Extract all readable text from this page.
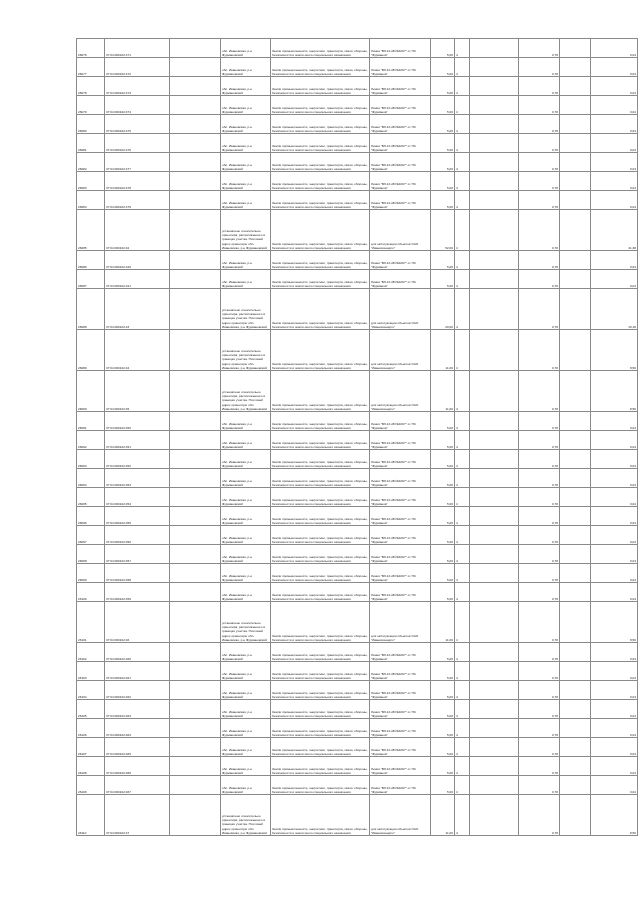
26076	37:04:000102:471		обл. Ивановская, р-н Фурмановский	Земли промышленности, энергетики, транспорта, связи, обороны, безопасности и земли иного специального назначения	Линия "ВЛ-10 кВ №1007" от ПС "Фурманов"	5,00	4		0,78		0,04
26077	37:04:000102:472		обл. Ивановская, р-н Фурмановский	Земли промышленности, энергетики, транспорта, связи, обороны, безопасности и земли иного специального назначения	Линия "ВЛ-10 кВ №1007" от ПС "Фурманов"	5,00	4		0,78		0,04
26078	37:04:000102:473		обл. Ивановская, р-н Фурмановский	Земли промышленности, энергетики, транспорта, связи, обороны, безопасности и земли иного специального назначения	Линия "ВЛ-10 кВ №1007" от ПС "Фурманов"	5,00	4		0,78		0,04
26079	37:04:000102:474		обл. Ивановская, р-н Фурмановский	Земли промышленности, энергетики, транспорта, связи, обороны, безопасности и земли иного специального назначения	Линия "ВЛ-10 кВ №1007" от ПС "Фурманов"	5,00	4		0,78		0,04
26080	37:04:000102:475		обл. Ивановская, р-н Фурмановский	Земли промышленности, энергетики, транспорта, связи, обороны, безопасности и земли иного специального назначения	Линия "ВЛ-10 кВ №1007" от ПС "Фурманов"	5,00	4		0,78		0,04
26081	37:04:000102:476		обл. Ивановская, р-н Фурмановский	Земли промышленности, энергетики, транспорта, связи, обороны, безопасности и земли иного специального назначения	Линия "ВЛ-10 кВ №1007" от ПС "Фурманов"	5,00	4		0,78		0,04
26082	37:04:000102:477		обл. Ивановская, р-н Фурмановский	Земли промышленности, энергетики, транспорта, связи, обороны, безопасности и земли иного специального назначения	Линия "ВЛ-10 кВ №1007" от ПС "Фурманов"	5,00	4		0,78		0,04
26083	37:04:000102:478		обл. Ивановская, р-н Фурмановский	Земли промышленности, энергетики, транспорта, связи, обороны, безопасности и земли иного специального назначения	Линия "ВЛ-10 кВ №1007" от ПС "Фурманов"	5,00	4		0,78		0,04
26084	37:04:000102:479		обл. Ивановская, р-н Фурмановский	Земли промышленности, энергетики, транспорта, связи, обороны, безопасности и земли иного специального назначения	Линия "ВЛ-10 кВ №1007" от ПС "Фурманов"	5,00	4		0,78		0,04
26085	37:04:000102:42		установлено относительно ориентира, расположенного в границах участка. Почтовый адрес ориентира: обл. Ивановская, р-н Фурмановский	Земли промышленности, энергетики, транспорта, связи, обороны, безопасности и земли иного специального назначения	для эксплуатации объектов ОАО "Ивановоэнерго"	52,00	4		0,78		41,38
26086	37:04:000102:420		обл. Ивановская, р-н Фурмановский	Земли промышленности, энергетики, транспорта, связи, обороны, безопасности и земли иного специального назначения	Линия "ВЛ-10 кВ №1007" от ПС "Фурманов"	5,00	4		0,78		0,04
26087	37:04:000102:421		обл. Ивановская, р-н Фурмановский	Земли промышленности, энергетики, транспорта, связи, обороны, безопасности и земли иного специального назначения	Линия "ВЛ-10 кВ №1007" от ПС "Фурманов"	5,00	4		0,78		0,04
26088	37:04:000102:43		установлено относительно ориентира, расположенного в границах участка. Почтовый адрес ориентира: обл. Ивановская, р-н Фурмановский	Земли промышленности, энергетики, транспорта, связи, обороны, безопасности и земли иного специального назначения	для эксплуатации объектов ОАО "Ивановоэнерго"	20,00	4		0,78		15,18
26089	37:04:000102:44		установлено относительно ориентира, расположенного в границах участка. Почтовый адрес ориентира: обл. Ивановская, р-н Фурмановский	Земли промышленности, энергетики, транспорта, связи, обороны, безопасности и земли иного специального назначения	для эксплуатации объектов ОАО "Ивановоэнерго"	11,00	4		0,78		8,56
26090	37:04:000102:45		установлено относительно ориентира, расположенного в границах участка. Почтовый адрес ориентира: обл. Ивановская, р-н Фурмановский	Земли промышленности, энергетики, транспорта, связи, обороны, безопасности и земли иного специального назначения	для эксплуатации объектов ОАО "Ивановоэнерго"	11,00	4		0,78		8,56
26091	37:04:000102:450		обл. Ивановская, р-н Фурмановский	Земли промышленности, энергетики, транспорта, связи, обороны, безопасности и земли иного специального назначения	Линия "ВЛ-10 кВ №1007" от ПС "Фурманов"	5,00	4		0,78		0,04
26092	37:04:000102:451		обл. Ивановская, р-н Фурмановский	Земли промышленности, энергетики, транспорта, связи, обороны, безопасности и земли иного специального назначения	Линия "ВЛ-10 кВ №1007" от ПС "Фурманов"	5,00	4		0,78		0,04
26093	37:04:000102:452		обл. Ивановская, р-н Фурмановский	Земли промышленности, энергетики, транспорта, связи, обороны, безопасности и земли иного специального назначения	Линия "ВЛ-10 кВ №1007" от ПС "Фурманов"	5,00	4		0,78		0,04
26094	37:04:000102:453		обл. Ивановская, р-н Фурмановский	Земли промышленности, энергетики, транспорта, связи, обороны, безопасности и земли иного специального назначения	Линия "ВЛ-10 кВ №1007" от ПС "Фурманов"	5,00	4		0,78		0,04
26095	37:04:000102:454		обл. Ивановская, р-н Фурмановский	Земли промышленности, энергетики, транспорта, связи, обороны, безопасности и земли иного специального назначения	Линия "ВЛ-10 кВ №1007" от ПС "Фурманов"	5,00	4		0,78		0,04
26096	37:04:000102:455		обл. Ивановская, р-н Фурмановский	Земли промышленности, энергетики, транспорта, связи, обороны, безопасности и земли иного специального назначения	Линия "ВЛ-10 кВ №1007" от ПС "Фурманов"	5,00	4		0,78		0,04
26097	37:04:000102:456		обл. Ивановская, р-н Фурмановский	Земли промышленности, энергетики, транспорта, связи, обороны, безопасности и земли иного специального назначения	Линия "ВЛ-10 кВ №1007" от ПС "Фурманов"	5,00	4		0,78		0,04
26098	37:04:000102:457		обл. Ивановская, р-н Фурмановский	Земли промышленности, энергетики, транспорта, связи, обороны, безопасности и земли иного специального назначения	Линия "ВЛ-10 кВ №1007" от ПС "Фурманов"	5,00	4		0,78		0,04
26099	37:04:000102:458		обл. Ивановская, р-н Фурмановский	Земли промышленности, энергетики, транспорта, связи, обороны, безопасности и земли иного специального назначения	Линия "ВЛ-10 кВ №1007" от ПС "Фурманов"	5,00	4		0,78		0,04
26100	37:04:000102:459		обл. Ивановская, р-н Фурмановский	Земли промышленности, энергетики, транспорта, связи, обороны, безопасности и земли иного специального назначения	Линия "ВЛ-10 кВ №1007" от ПС "Фурманов"	5,00	4		0,78		0,04
26101	37:04:000102:46		установлено относительно ориентира, расположенного в границах участка. Почтовый адрес ориентира: обл. Ивановская, р-н Фурмановский	Земли промышленности, энергетики, транспорта, связи, обороны, безопасности и земли иного специального назначения	для эксплуатации объектов ОАО "Ивановоэнерго"	11,00	4		0,78		8,56
26102	37:04:000102:460		обл. Ивановская, р-н Фурмановский	Земли промышленности, энергетики, транспорта, связи, обороны, безопасности и земли иного специального назначения	Линия "ВЛ-10 кВ №1007" от ПС "Фурманов"	5,00	4		0,78		0,04
26103	37:04:000102:461		обл. Ивановская, р-н Фурмановский	Земли промышленности, энергетики, транспорта, связи, обороны, безопасности и земли иного специального назначения	Линия "ВЛ-10 кВ №1007" от ПС "Фурманов"	5,00	4		0,78		0,04
26104	37:04:000102:462		обл. Ивановская, р-н Фурмановский	Земли промышленности, энергетики, транспорта, связи, обороны, безопасности и земли иного специального назначения	Линия "ВЛ-10 кВ №1007" от ПС "Фурманов"	5,00	4		0,78		0,04
26105	37:04:000102:463		обл. Ивановская, р-н Фурмановский	Земли промышленности, энергетики, транспорта, связи, обороны, безопасности и земли иного специального назначения	Линия "ВЛ-10 кВ №1007" от ПС "Фурманов"	5,00	4		0,78		0,04
26106	37:04:000102:464		обл. Ивановская, р-н Фурмановский	Земли промышленности, энергетики, транспорта, связи, обороны, безопасности и земли иного специального назначения	Линия "ВЛ-10 кВ №1007" от ПС "Фурманов"	5,00	4		0,78		0,04
26107	37:04:000102:465		обл. Ивановская, р-н Фурмановский	Земли промышленности, энергетики, транспорта, связи, обороны, безопасности и земли иного специального назначения	Линия "ВЛ-10 кВ №1007" от ПС "Фурманов"	5,00	4		0,78		0,04
26108	37:04:000102:466		обл. Ивановская, р-н Фурмановский	Земли промышленности, энергетики, транспорта, связи, обороны, безопасности и земли иного специального назначения	Линия "ВЛ-10 кВ №1007" от ПС "Фурманов"	5,00	4		0,78		0,04
26109	37:04:000102:467		обл. Ивановская, р-н Фурмановский	Земли промышленности, энергетики, транспорта, связи, обороны, безопасности и земли иного специального назначения	Линия "ВЛ-10 кВ №1007" от ПС "Фурманов"	5,00	4		0,78		0,04
26110	37:04:000102:47		установлено относительно ориентира, расположенного в границах участка. Почтовый адрес ориентира: обл. Ивановская, р-н Фурмановский	Земли промышленности, энергетики, транспорта, связи, обороны, безопасности и земли иного специального назначения	для эксплуатации объектов ОАО "Ивановоэнерго"	11,00	4		0,78		8,56
